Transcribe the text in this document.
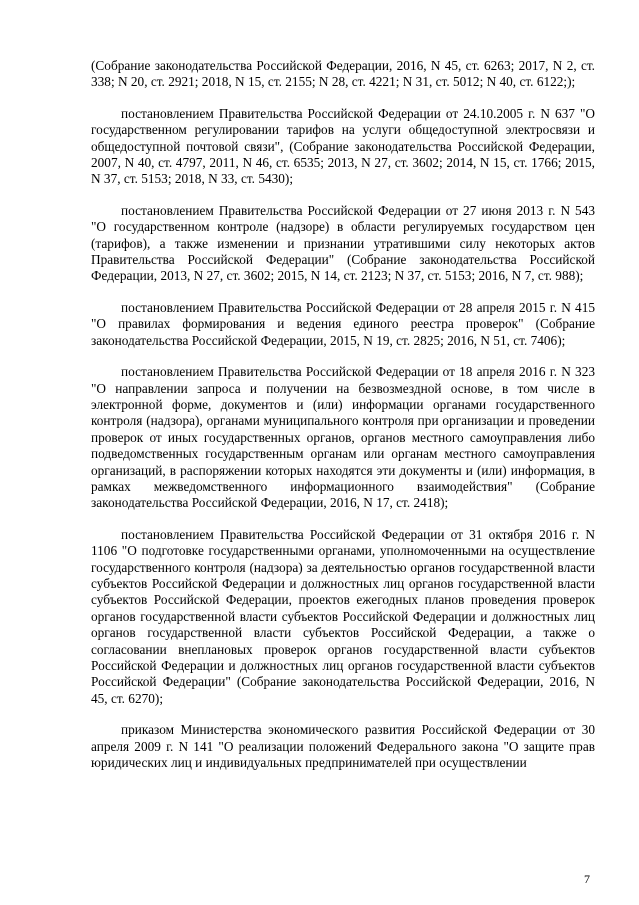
(Собрание законодательства Российской Федерации, 2016, N 45, ст. 6263; 2017, N 2, ст. 338; N 20, ст. 2921; 2018, N 15, ст. 2155; N 28, ст. 4221; N 31, ст. 5012; N 40, ст. 6122;);

постановлением Правительства Российской Федерации от 24.10.2005 г. N 637 "О государственном регулировании тарифов на услуги общедоступной электросвязи и общедоступной почтовой связи", (Собрание законодательства Российской Федерации, 2007, N 40, ст. 4797, 2011, N 46, ст. 6535; 2013, N 27, ст. 3602; 2014, N 15, ст. 1766; 2015, N 37, ст. 5153; 2018, N 33, ст. 5430);

постановлением Правительства Российской Федерации от 27 июня 2013 г. N 543 "О государственном контроле (надзоре) в области регулируемых государством цен (тарифов), а также изменении и признании утратившими силу некоторых актов Правительства Российской Федерации" (Собрание законодательства Российской Федерации, 2013, N 27, ст. 3602; 2015, N 14, ст. 2123; N 37, ст. 5153; 2016, N 7, ст. 988);

постановлением Правительства Российской Федерации от 28 апреля 2015 г. N 415 "О правилах формирования и ведения единого реестра проверок" (Собрание законодательства Российской Федерации, 2015, N 19, ст. 2825; 2016, N 51, ст. 7406);

постановлением Правительства Российской Федерации от 18 апреля 2016 г. N 323 "О направлении запроса и получении на безвозмездной основе, в том числе в электронной форме, документов и (или) информации органами государственного контроля (надзора), органами муниципального контроля при организации и проведении проверок от иных государственных органов, органов местного самоуправления либо подведомственных государственным органам или органам местного самоуправления организаций, в распоряжении которых находятся эти документы и (или) информация, в рамках межведомственного информационного взаимодействия" (Собрание законодательства Российской Федерации, 2016, N 17, ст. 2418);

постановлением Правительства Российской Федерации от 31 октября 2016 г. N 1106 "О подготовке государственными органами, уполномоченными на осуществление государственного контроля (надзора) за деятельностью органов государственной власти субъектов Российской Федерации и должностных лиц органов государственной власти субъектов Российской Федерации, проектов ежегодных планов проведения проверок органов государственной власти субъектов Российской Федерации и должностных лиц органов государственной власти субъектов Российской Федерации, а также о согласовании внеплановых проверок органов государственной власти субъектов Российской Федерации и должностных лиц органов государственной власти субъектов Российской Федерации" (Собрание законодательства Российской Федерации, 2016, N 45, ст. 6270);

приказом Министерства экономического развития Российской Федерации от 30 апреля 2009 г. N 141 "О реализации положений Федерального закона "О защите прав юридических лиц и индивидуальных предпринимателей при осуществлении

7
